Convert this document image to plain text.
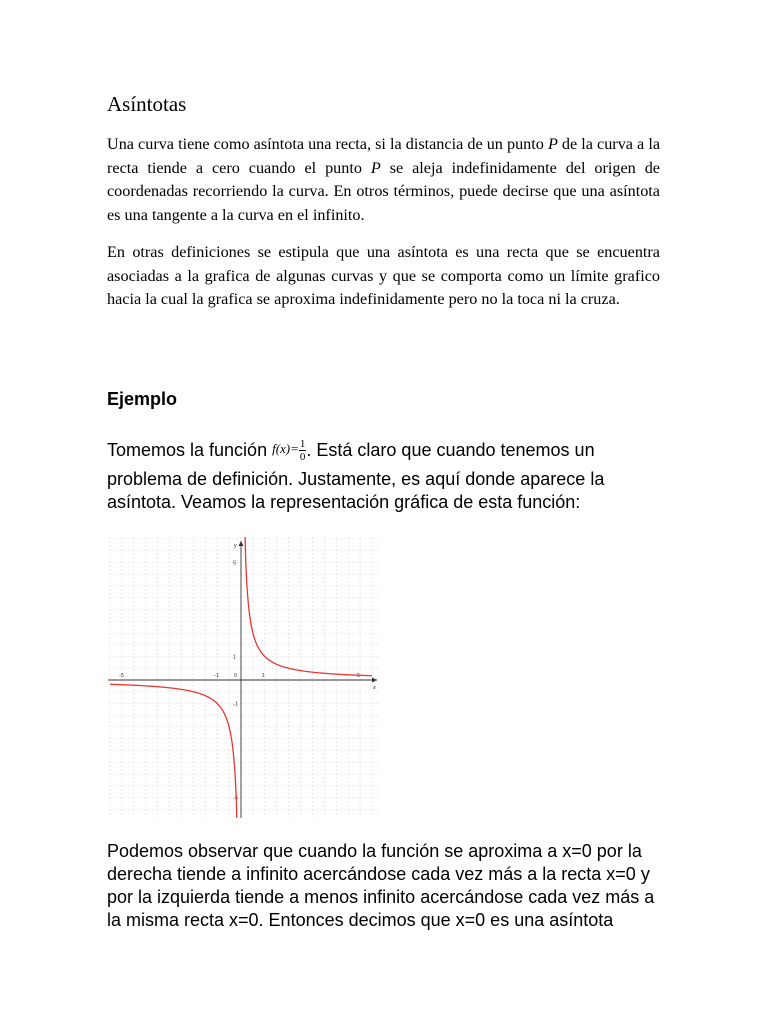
Asíntotas
Una curva tiene como asíntota una recta, si la distancia de un punto P de la curva a la recta tiende a cero cuando el punto P se aleja indefinidamente del origen de coordenadas recorriendo la curva. En otros términos, puede decirse que una asíntota es una tangente a la curva en el infinito.
En otras definiciones se estipula que una asíntota es una recta que se encuentra asociadas a la grafica de algunas curvas y que se comporta como un límite grafico hacia la cual la grafica se aproxima indefinidamente pero no la toca ni la cruza.
Ejemplo
Tomemos la función $f(x)= \frac{1}{0}$ . Está claro que cuando tenemos un
problema de definición. Justamente, es aquí donde aparece la
asíntota. Veamos la representación gráfica de esta función:
x
y
-5	-1	0	1	5
5
1
-1
-5
Podemos observar que cuando la función se aproxima a x=0 por la
derecha tiende a infinito acercándose cada vez más a la recta x=0 y
por la izquierda tiende a menos infinito acercándose cada vez más a
la misma recta x=0. Entonces decimos que x=0 es una asíntota
